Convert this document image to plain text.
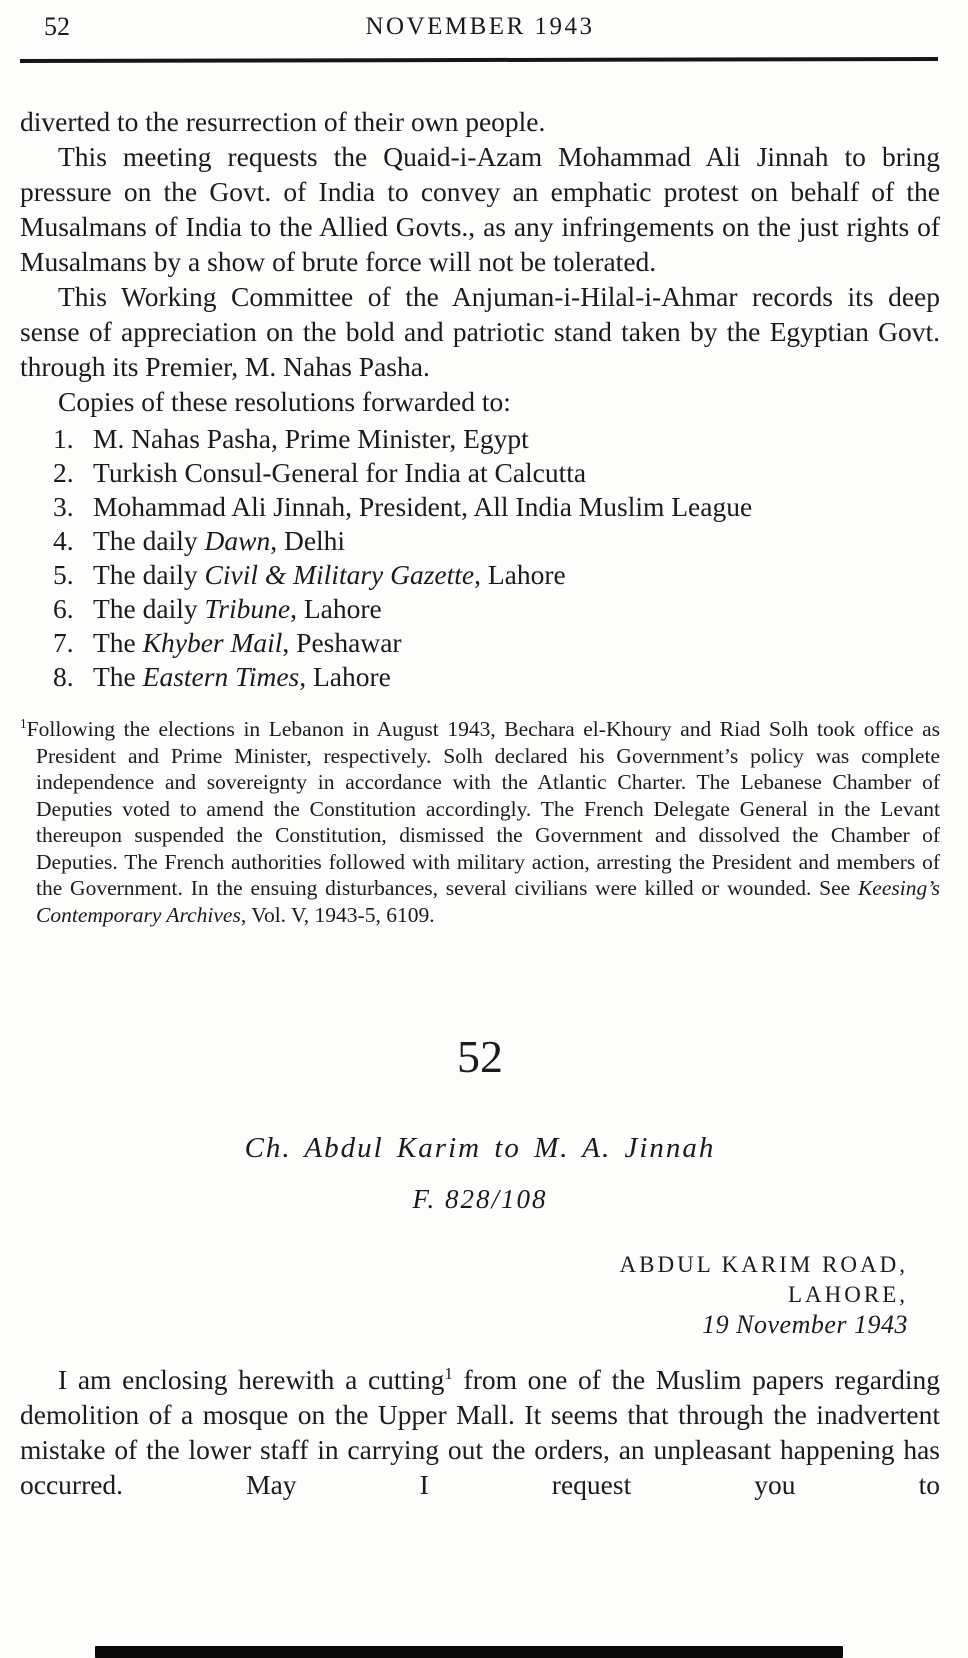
52	NOVEMBER 1943

diverted to the resurrection of their own people.

This meeting requests the Quaid-i-Azam Mohammad Ali Jinnah to bring pressure on the Govt. of India to convey an emphatic protest on behalf of the Musalmans of India to the Allied Govts., as any infringements on the just rights of Musalmans by a show of brute force will not be tolerated.

This Working Committee of the Anjuman-i-Hilal-i-Ahmar records its deep sense of appreciation on the bold and patriotic stand taken by the Egyptian Govt. through its Premier, M. Nahas Pasha.

Copies of these resolutions forwarded to:

1. M. Nahas Pasha, Prime Minister, Egypt
2. Turkish Consul-General for India at Calcutta
3. Mohammad Ali Jinnah, President, All India Muslim League
4. The daily Dawn, Delhi
5. The daily Civil & Military Gazette, Lahore
6. The daily Tribune, Lahore
7. The Khyber Mail, Peshawar
8. The Eastern Times, Lahore
$^1$Following the elections in Lebanon in August 1943, Bechara el-Khoury and Riad Solh took office as President and Prime Minister, respectively. Solh declared his Government’s policy was complete independence and sovereignty in accordance with the Atlantic Charter. The Lebanese Chamber of Deputies voted to amend the Constitution accordingly. The French Delegate General in the Levant thereupon suspended the Constitution, dismissed the Government and dissolved the Chamber of Deputies. The French authorities followed with military action, arresting the President and members of the Government. In the ensuing disturbances, several civilians were killed or wounded. See Keesing’s Contemporary Archives, Vol. V, 1943-5, 6109.
52
Ch. Abdul Karim to M. A. Jinnah
F. 828/108
ABDUL KARIM ROAD,
LAHORE,
19 November 1943

I am enclosing herewith a cutting$^1$ from one of the Muslim papers regarding demolition of a mosque on the Upper Mall. It seems that through the inadvertent mistake of the lower staff in carrying out the orders, an unpleasant happening has occurred. May I request you to
